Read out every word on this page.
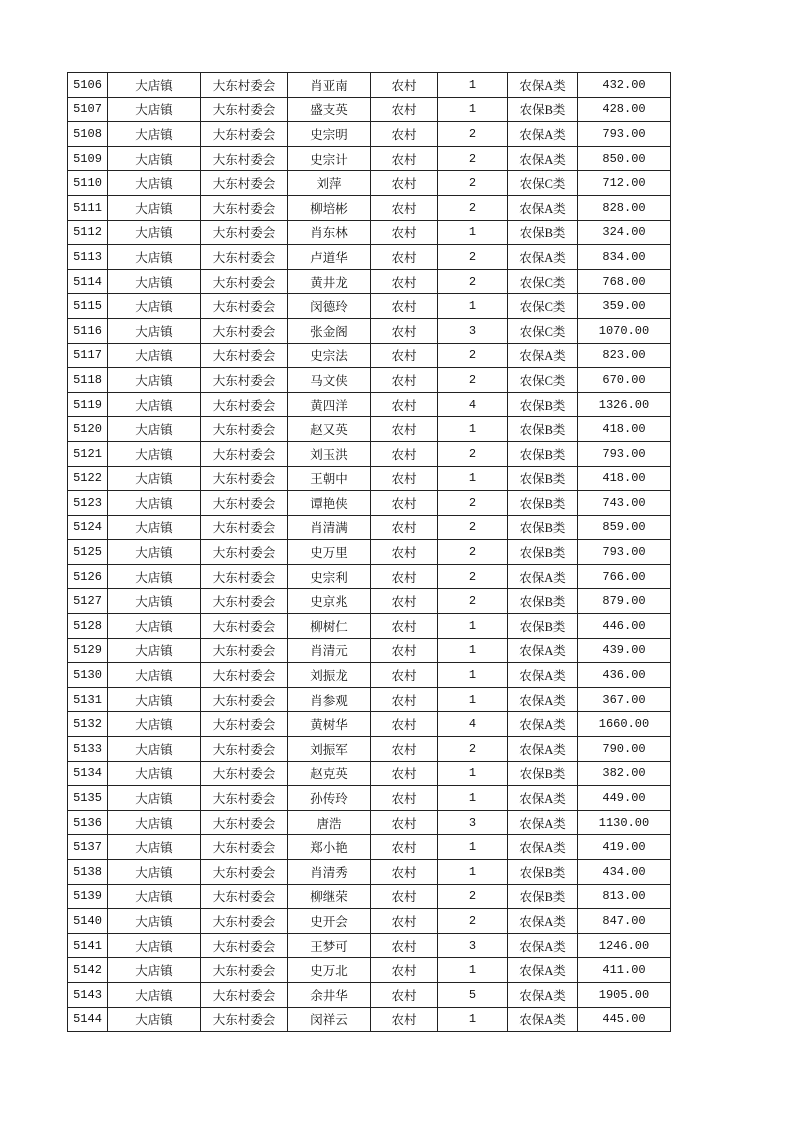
5106	大店镇	大东村委会	肖亚南	农村	1	农保A类	432.00
5107	大店镇	大东村委会	盛支英	农村	1	农保B类	428.00
5108	大店镇	大东村委会	史宗明	农村	2	农保A类	793.00
5109	大店镇	大东村委会	史宗计	农村	2	农保A类	850.00
5110	大店镇	大东村委会	刘萍	农村	2	农保C类	712.00
5111	大店镇	大东村委会	柳培彬	农村	2	农保A类	828.00
5112	大店镇	大东村委会	肖东林	农村	1	农保B类	324.00
5113	大店镇	大东村委会	卢道华	农村	2	农保A类	834.00
5114	大店镇	大东村委会	黄井龙	农村	2	农保C类	768.00
5115	大店镇	大东村委会	闵德玲	农村	1	农保C类	359.00
5116	大店镇	大东村委会	张金阁	农村	3	农保C类	1070.00
5117	大店镇	大东村委会	史宗法	农村	2	农保A类	823.00
5118	大店镇	大东村委会	马文侠	农村	2	农保C类	670.00
5119	大店镇	大东村委会	黄四洋	农村	4	农保B类	1326.00
5120	大店镇	大东村委会	赵又英	农村	1	农保B类	418.00
5121	大店镇	大东村委会	刘玉洪	农村	2	农保B类	793.00
5122	大店镇	大东村委会	王朝中	农村	1	农保B类	418.00
5123	大店镇	大东村委会	谭艳侠	农村	2	农保B类	743.00
5124	大店镇	大东村委会	肖清满	农村	2	农保B类	859.00
5125	大店镇	大东村委会	史万里	农村	2	农保B类	793.00
5126	大店镇	大东村委会	史宗利	农村	2	农保A类	766.00
5127	大店镇	大东村委会	史京兆	农村	2	农保B类	879.00
5128	大店镇	大东村委会	柳树仁	农村	1	农保B类	446.00
5129	大店镇	大东村委会	肖清元	农村	1	农保A类	439.00
5130	大店镇	大东村委会	刘振龙	农村	1	农保A类	436.00
5131	大店镇	大东村委会	肖参观	农村	1	农保A类	367.00
5132	大店镇	大东村委会	黄树华	农村	4	农保A类	1660.00
5133	大店镇	大东村委会	刘振军	农村	2	农保A类	790.00
5134	大店镇	大东村委会	赵克英	农村	1	农保B类	382.00
5135	大店镇	大东村委会	孙传玲	农村	1	农保A类	449.00
5136	大店镇	大东村委会	唐浩	农村	3	农保A类	1130.00
5137	大店镇	大东村委会	郑小艳	农村	1	农保A类	419.00
5138	大店镇	大东村委会	肖清秀	农村	1	农保B类	434.00
5139	大店镇	大东村委会	柳继荣	农村	2	农保B类	813.00
5140	大店镇	大东村委会	史开会	农村	2	农保A类	847.00
5141	大店镇	大东村委会	王梦可	农村	3	农保A类	1246.00
5142	大店镇	大东村委会	史万北	农村	1	农保A类	411.00
5143	大店镇	大东村委会	余井华	农村	5	农保A类	1905.00
5144	大店镇	大东村委会	闵祥云	农村	1	农保A类	445.00
